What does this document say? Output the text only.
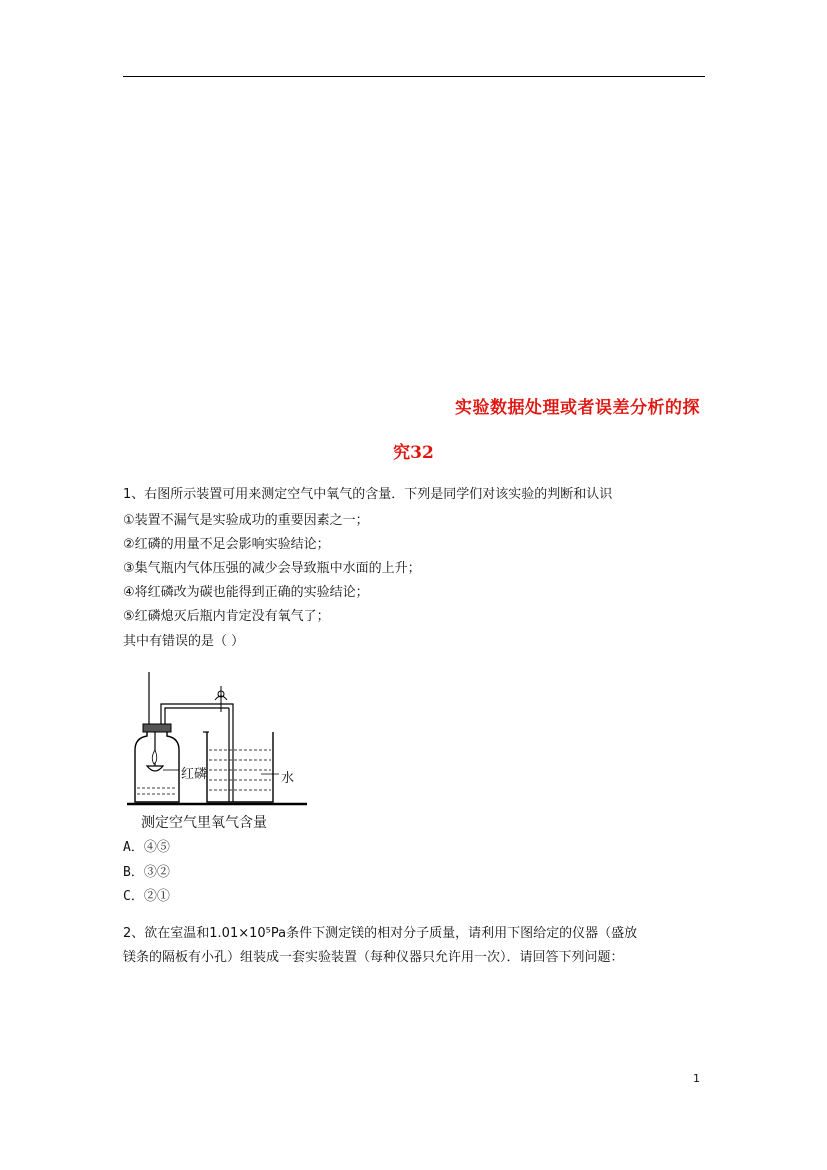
实验数据处理或者误差分析的探
究32
1、右图所示装置可用来测定空气中氧气的含量．下列是同学们对该实验的判断和认识
①装置不漏气是实验成功的重要因素之一；
②红磷的用量不足会影响实验结论；
③集气瓶内气体压强的减少会导致瓶中水面的上升；
④将红磷改为碳也能得到正确的实验结论；
⑤红磷熄灭后瓶内肯定没有氧气了；
其中有错误的是（ ）
红磷	水
测定空气里氧气含量
A．④⑤
B．③②
C．②①
2、欲在室温和1.01×10⁵Pa条件下测定镁的相对分子质量，请利用下图给定的仪器（盛放
镁条的隔板有小孔）组装成一套实验装置（每种仪器只允许用一次）．请回答下列问题：
1
